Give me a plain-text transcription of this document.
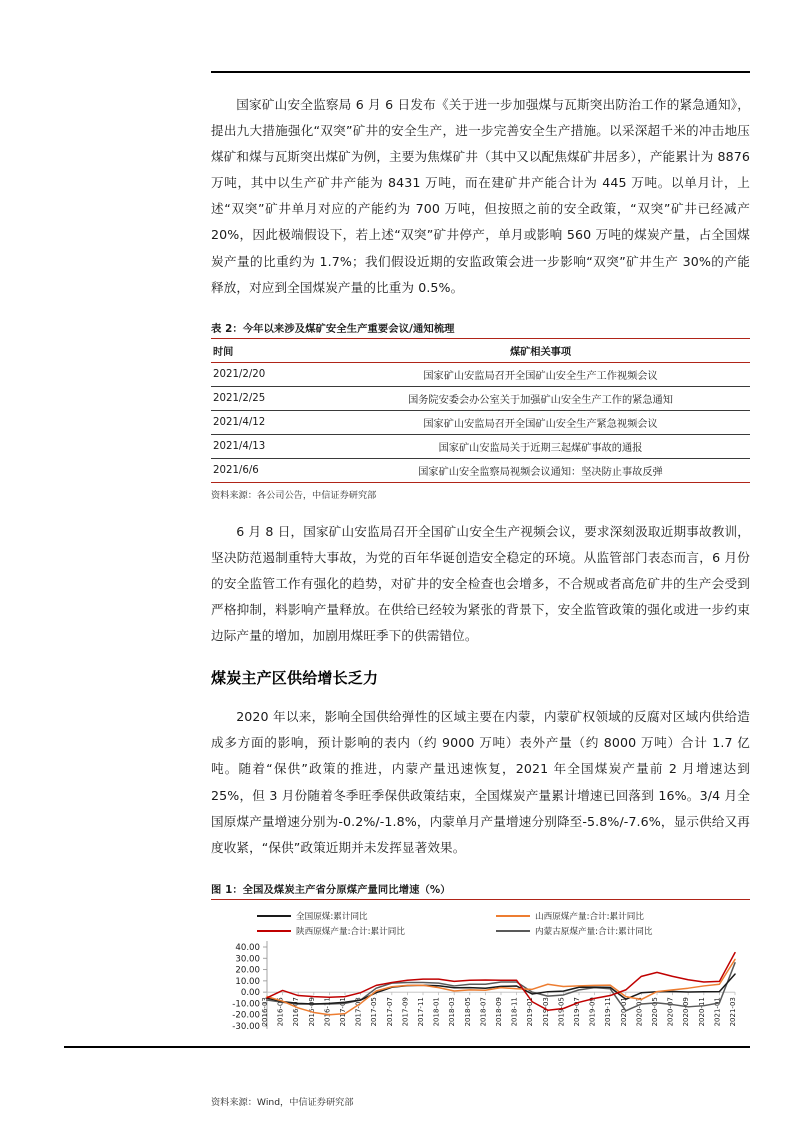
国家矿山安全监察局 6 月 6 日发布《关于进一步加强煤与瓦斯突出防治工作的紧急通知》，提出九大措施强化“双突”矿井的安全生产，进一步完善安全生产措施。以采深超千米的冲击地压煤矿和煤与瓦斯突出煤矿为例，主要为焦煤矿井（其中又以配焦煤矿井居多），产能累计为 8876 万吨，其中以生产矿井产能为 8431 万吨，而在建矿井产能合计为 445 万吨。以单月计，上述“双突”矿井单月对应的产能约为 700 万吨，但按照之前的安全政策，“双突”矿井已经减产 20%，因此极端假设下，若上述“双突”矿井停产，单月或影响 560 万吨的煤炭产量，占全国煤炭产量的比重约为 1.7%；我们假设近期的安监政策会进一步影响“双突”矿井生产 30%的产能释放，对应到全国煤炭产量的比重为 0.5%。

表 2：今年以来涉及煤矿安全生产重要会议/通知梳理
时间	煤矿相关事项
2021/2/20	国家矿山安监局召开全国矿山安全生产工作视频会议
2021/2/25	国务院安委会办公室关于加强矿山安全生产工作的紧急通知
2021/4/12	国家矿山安监局召开全国矿山安全生产紧急视频会议
2021/4/13	国家矿山安监局关于近期三起煤矿事故的通报
2021/6/6	国家矿山安全监察局视频会议通知：坚决防止事故反弹
资料来源：各公司公告，中信证券研究部

6 月 8 日，国家矿山安监局召开全国矿山安全生产视频会议，要求深刻汲取近期事故教训，坚决防范遏制重特大事故，为党的百年华诞创造安全稳定的环境。从监管部门表态而言，6 月份的安全监管工作有强化的趋势，对矿井的安全检查也会增多，不合规或者高危矿井的生产会受到严格抑制，料影响产量释放。在供给已经较为紧张的背景下，安全监管政策的强化或进一步约束边际产量的增加，加剧用煤旺季下的供需错位。

煤炭主产区供给增长乏力

2020 年以来，影响全国供给弹性的区域主要在内蒙，内蒙矿权领域的反腐对区域内供给造成多方面的影响，预计影响的表内（约 9000 万吨）表外产量（约 8000 万吨）合计 1.7 亿吨。随着“保供”政策的推进，内蒙产量迅速恢复，2021 年全国煤炭产量前 2 月增速达到 25%，但 3 月份随着冬季旺季保供政策结束，全国煤炭产量累计增速已回落到 16%。3/4 月全国原煤产量增速分别为-0.2%/-1.8%，内蒙单月产量增速分别降至-5.8%/-7.6%，显示供给又再度收紧，“保供”政策近期并未发挥显著效果。

图 1：全国及煤炭主产省分原煤产量同比增速（%）
全国原煤:累计同比	山西原煤产量:合计:累计同比
陕西原煤产量:合计:累计同比	内蒙古原煤产量:合计:累计同比
40.00
30.00
20.00
10.00
0.00
-10.00
-20.00
-30.00
2016-03 2016-05 2016-07 2016-09 2016-11 2017-01 2017-03 2017-05 2017-07 2017-09 2017-11 2018-01 2018-03 2018-05 2018-07 2018-09 2018-11 2019-01 2019-03 2019-05 2019-07 2019-09 2019-11 2020-01 2020-03 2020-05 2020-07 2020-09 2020-11 2021-01 2021-03
资料来源：Wind，中信证券研究部
